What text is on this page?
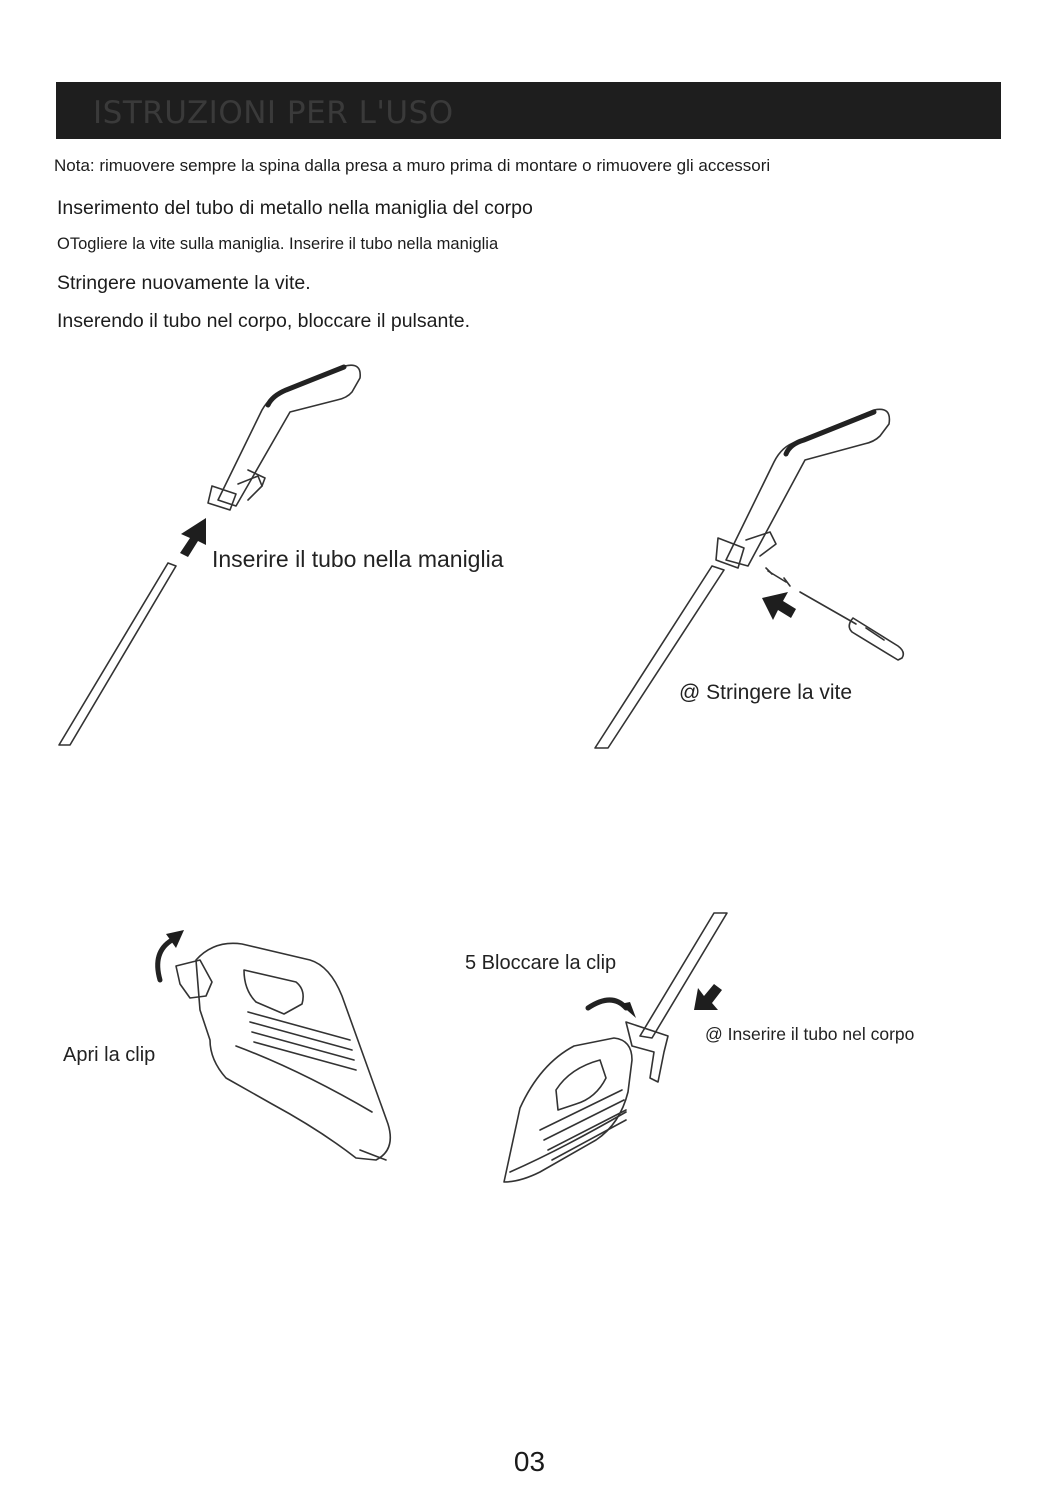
ISTRUZIONI PER L'USO
Nota: rimuovere sempre la spina dalla presa a muro prima di montare o rimuovere gli accessori
Inserimento del tubo di metallo nella maniglia del corpo
OTogliere la vite sulla maniglia. Inserire il tubo nella maniglia
Stringere nuovamente la vite.
Inserendo il tubo nel corpo, bloccare il pulsante.
Inserire il tubo nella maniglia
@ Stringere la vite
5 Bloccare la clip
@ Inserire il tubo nel corpo
Apri la clip
03
